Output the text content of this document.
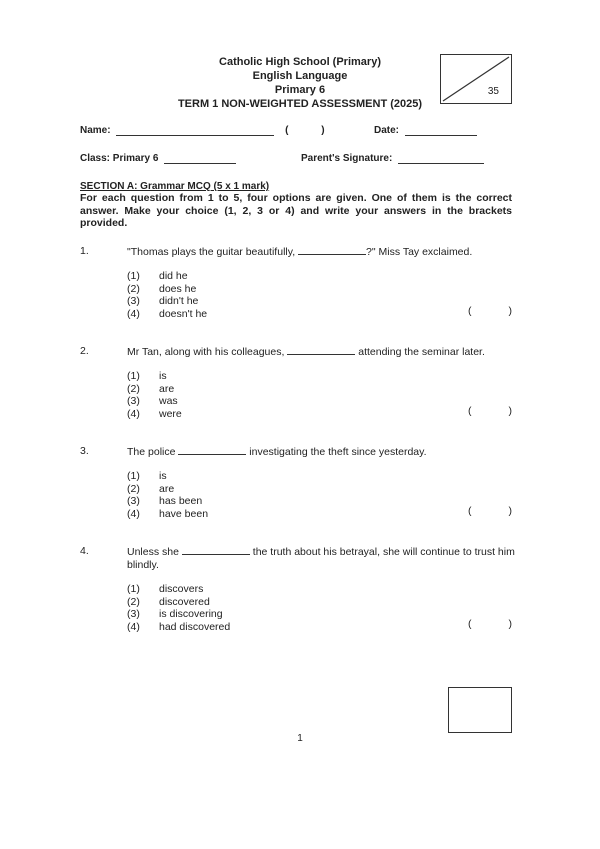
Catholic High School (Primary)
English Language
Primary 6
TERM 1 NON-WEIGHTED ASSESSMENT (2025)
35
Name:	(	)	Date:
Class: Primary 6	Parent's Signature:
SECTION A: Grammar MCQ (5 x 1 mark)
For each question from 1 to 5, four options are given. One of them is the correct answer. Make your choice (1, 2, 3 or 4) and write your answers in the brackets provided.
1.	"Thomas plays the guitar beautifully,	?" Miss Tay exclaimed.
(1)	did he
(2)	does he
(3)	didn't he
(4)	doesn't he	(	)
2.	Mr Tan, along with his colleagues,	attending the seminar later.
(1)	is
(2)	are
(3)	was
(4)	were	(	)
3.	The police	investigating the theft since yesterday.
(1)	is
(2)	are
(3)	has been
(4)	have been	(	)
4.	Unless she	the truth about his betrayal, she will continue to trust him blindly.
(1)	discovers
(2)	discovered
(3)	is discovering
(4)	had discovered	(	)
1
